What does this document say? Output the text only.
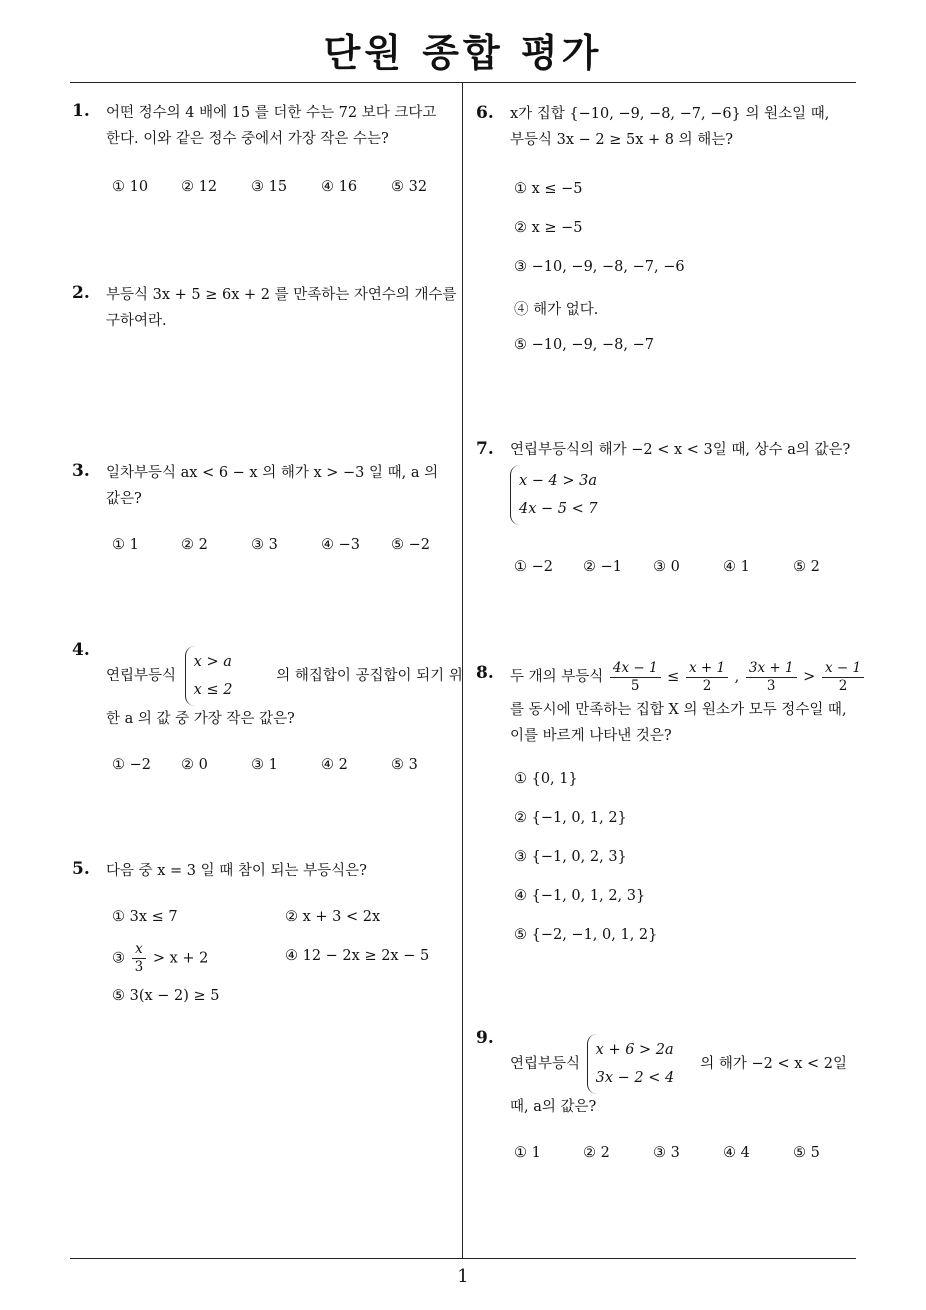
단원 종합 평가
1
1. 어떤 정수의 4 배에 15 를 더한 수는 72 보다 크다고
한다. 이와 같은 정수 중에서 가장 작은 수는?
① 10 ② 12 ③ 15 ④ 16 ⑤ 32
2. 부등식 3x + 5 ≥ 6x + 2 를 만족하는 자연수의 개수를
구하여라.
3. 일차부등식 ax < 6 − x 의 해가 x > −3 일 때, a 의
값은?
① 1	② 2	③ 3	④ −3 ⑤ −2
4.
연립부등식
x > a
x ≤ 2
의 해집합이 공집합이 되기 위
한 a 의 값 중 가장 작은 값은?
① −2 ② 0	③ 1	④ 2	⑤ 3
5. 다음 중 x = 3 일 때 참이 되는 부등식은?
① 3x ≤ 7	② x + 3 < 2x
③ $\frac{x}{3} > x + 2$	④ 12 − 2x ≥ 2x − 5
⑤ 3(x − 2) ≥ 5
6. x가 집합 {−10, −9, −8, −7, −6} 의 원소일 때,
부등식 3x − 2 ≥ 5x + 8 의 해는?
① x ≤ −5
② x ≥ −5
③ −10, −9, −8, −7, −6
④ 해가 없다.
⑤ −10, −9, −8, −7
7. 연립부등식의 해가 −2 < x < 3일 때, 상수 a의 값은?
x − 4 > 3a
4x − 5 < 7
① −2 ② −1 ③ 0	④ 1	⑤ 2
8. 두 개의 부등식 $\frac{4x - 1}{5} \le \frac{x + 1}{2}$ , $\frac{3x + 1}{3} > \frac{x - 1}{2}$
를 동시에 만족하는 집합 X 의 원소가 모두 정수일 때,
이를 바르게 나타낸 것은?
① {0, 1}
② {−1, 0, 1, 2}
③ {−1, 0, 2, 3}
④ {−1, 0, 1, 2, 3}
⑤ {−2, −1, 0, 1, 2}
9.
연립부등식
x + 6 > 2a
3x − 2 < 4
의 해가 −2 < x < 2일
때, a의 값은?
① 1	② 2	③ 3	④ 4	⑤ 5
